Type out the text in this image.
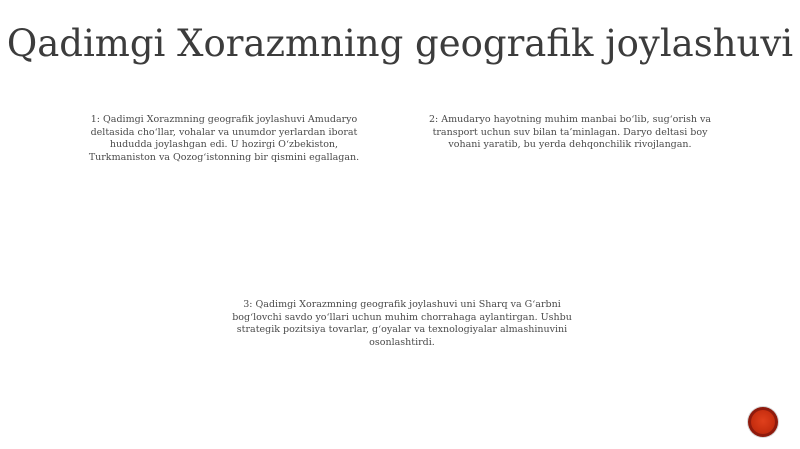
Qadimgi Xorazmning geografik joylashuvi

1: Qadimgi Xorazmning geografik joylashuvi Amudaryo deltasida cho‘llar, vohalar va unumdor yerlardan iborat hududda joylashgan edi. U hozirgi O‘zbekiston, Turkmaniston va Qozog‘istonning bir qismini egallagan.

2: Amudaryo hayotning muhim manbai bo‘lib, sug‘orish va transport uchun suv bilan ta’minlagan. Daryo deltasi boy vohani yaratib, bu yerda dehqonchilik rivojlangan.

3: Qadimgi Xorazmning geografik joylashuvi uni Sharq va G‘arbni bog‘lovchi savdo yo‘llari uchun muhim chorrahaga aylantirgan. Ushbu strategik pozitsiya tovarlar, g‘oyalar va texnologiyalar almashinuvini osonlashtirdi.
